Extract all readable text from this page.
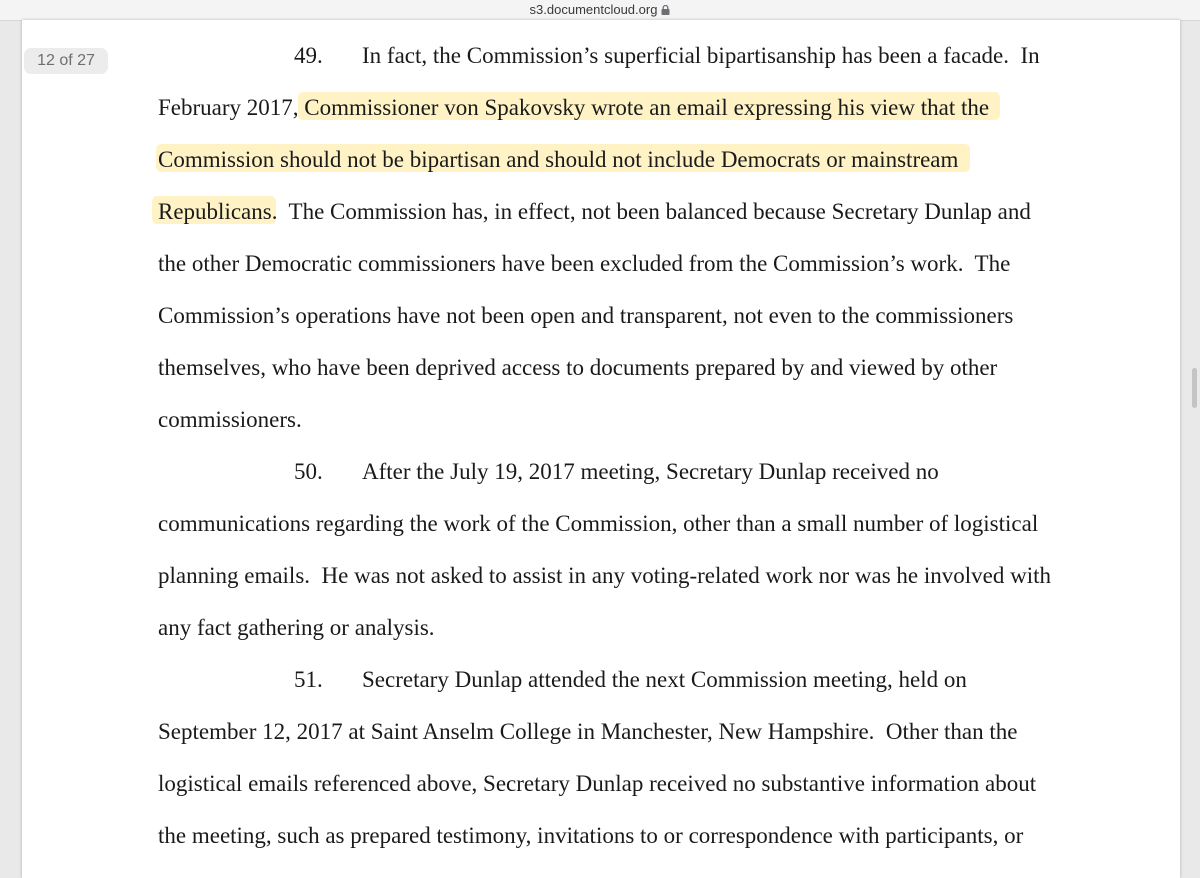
s3.documentcloud.org
49. In fact, the Commission’s superficial bipartisanship has been a facade.  In
February 2017, Commissioner von Spakovsky wrote an email expressing his view that the
Commission should not be bipartisan and should not include Democrats or mainstream
Republicans.  The Commission has, in effect, not been balanced because Secretary Dunlap and
the other Democratic commissioners have been excluded from the Commission’s work.  The
Commission’s operations have not been open and transparent, not even to the commissioners
themselves, who have been deprived access to documents prepared by and viewed by other
commissioners.
50. After the July 19, 2017 meeting, Secretary Dunlap received no
communications regarding the work of the Commission, other than a small number of logistical
planning emails.  He was not asked to assist in any voting-related work nor was he involved with
any fact gathering or analysis.
51. Secretary Dunlap attended the next Commission meeting, held on
September 12, 2017 at Saint Anselm College in Manchester, New Hampshire.  Other than the
logistical emails referenced above, Secretary Dunlap received no substantive information about
the meeting, such as prepared testimony, invitations to or correspondence with participants, or
12 of 27
